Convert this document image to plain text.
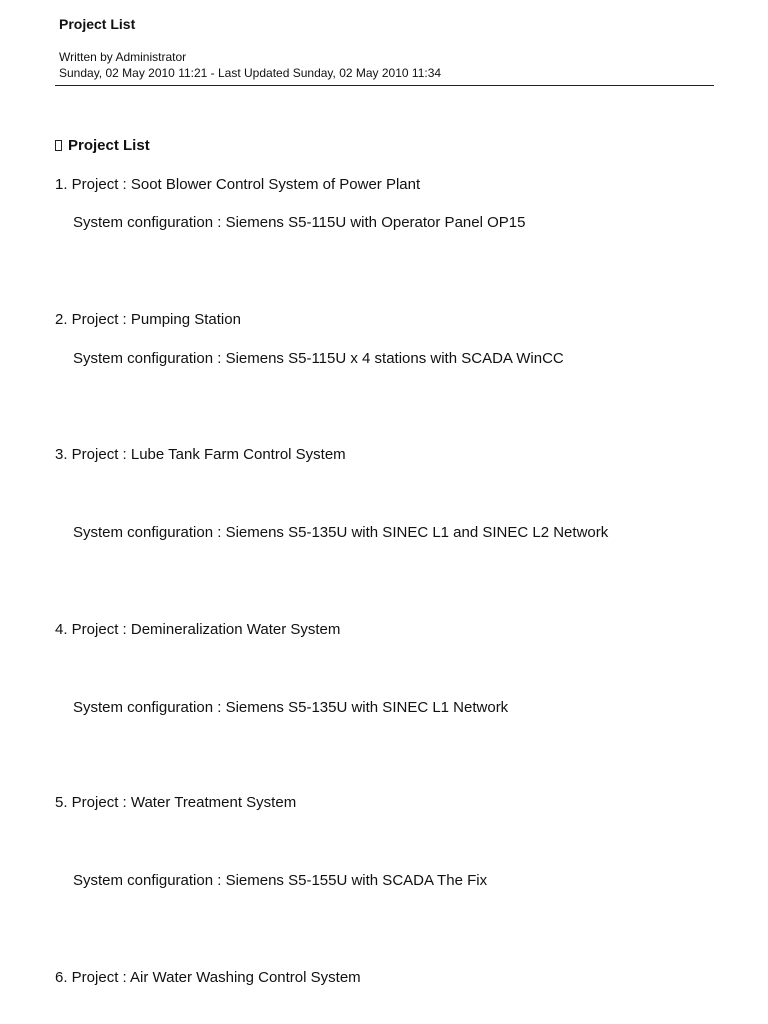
Project List
Written by Administrator
Sunday, 02 May 2010 11:21 - Last Updated Sunday, 02 May 2010 11:34
Project List
1. Project : Soot Blower Control System of Power Plant
System configuration : Siemens S5-115U with Operator Panel OP15
2. Project : Pumping Station
System configuration : Siemens S5-115U x 4 stations with SCADA WinCC
3. Project : Lube Tank Farm Control System
System configuration : Siemens S5-135U with SINEC L1 and SINEC L2 Network
4. Project : Demineralization Water System
System configuration : Siemens S5-135U with SINEC L1 Network
5. Project : Water Treatment System
System configuration : Siemens S5-155U with SCADA The Fix
6. Project : Air Water Washing Control System
